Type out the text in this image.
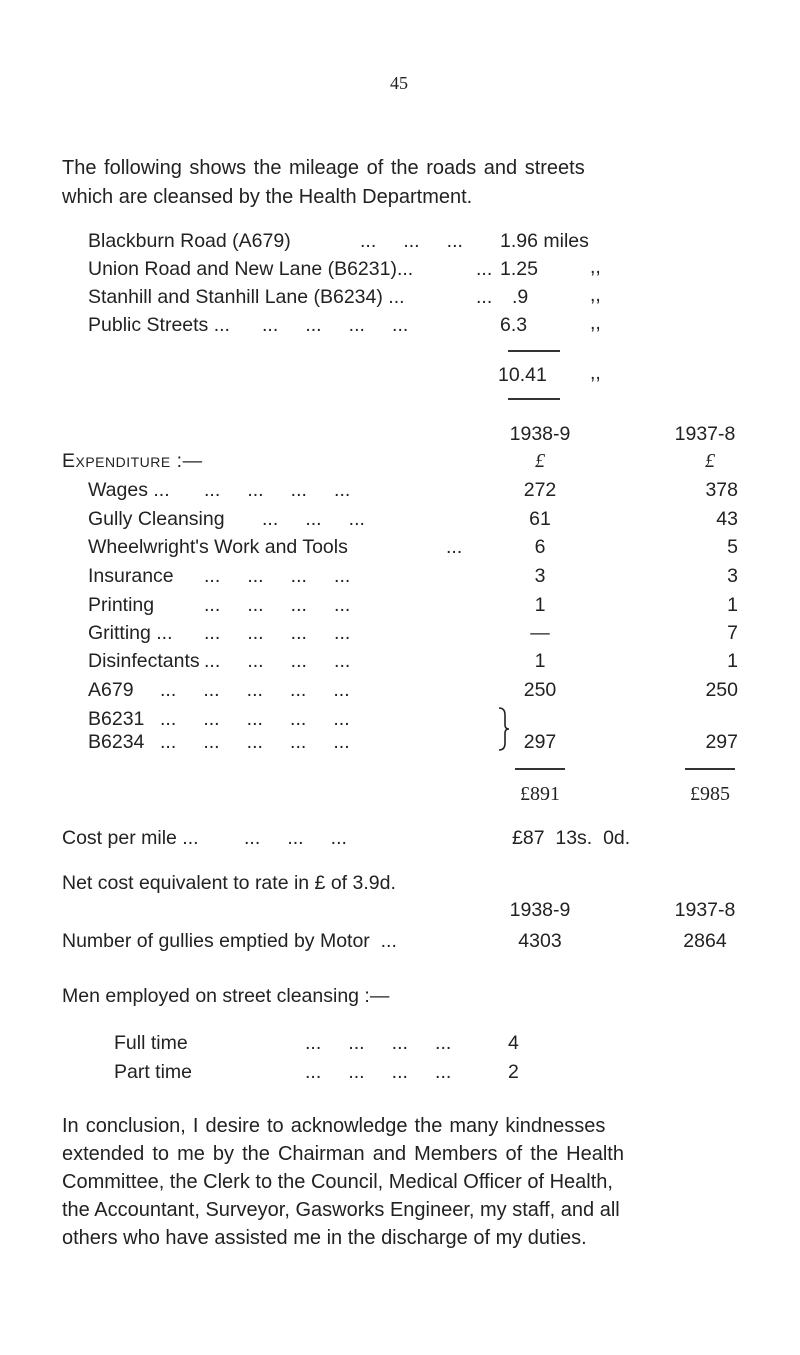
45
The following shows the mileage of the roads and streets
which are cleansed by the Health Department.
Blackburn Road (A679)	...     ...     ... 1.96 miles
Union Road and New Lane (B6231)...	... 1.25	,,
Stanhill and Stanhill Lane (B6234) ...	... .9	,,
Public Streets ... ...     ...     ...     ...	6.3	,,
10.41 ,,
1938-9	1937-8
Expenditure :—	£	£
Wages ... ...     ...     ...     ...	272	378
Gully Cleansing ...     ...     ...	61	43
Wheelwright's Work and Tools	...	6	5
Insurance ...     ...     ...     ...	3	3
Printing	...     ...     ...     ...	1	1
Gritting ... ...     ...     ...     ...	—	7
Disinfectants ...     ...     ...     ...	1	1
A679 ...     ...     ...     ...     ...	250	250
B6231 ...     ...     ...     ...     ...
B6234 ...     ...     ...     ...     ...	297	297
£891	£985
Cost per mile ... ...     ...     ...	£87  13s.  0d.
Net cost equivalent to rate in £ of 3.9d.
1938-9	1937-8
Number of gullies emptied by Motor  ...	4303	2864
Men employed on street cleansing :—
Full time	...     ...     ...     ...	4
Part time	...     ...     ...     ...	2
In conclusion, I desire to acknowledge the many kindnesses
extended to me by the Chairman and Members of the Health
Committee, the Clerk to the Council, Medical Officer of Health,
the Accountant, Surveyor, Gasworks Engineer, my staff, and all
others who have assisted me in the discharge of my duties.
